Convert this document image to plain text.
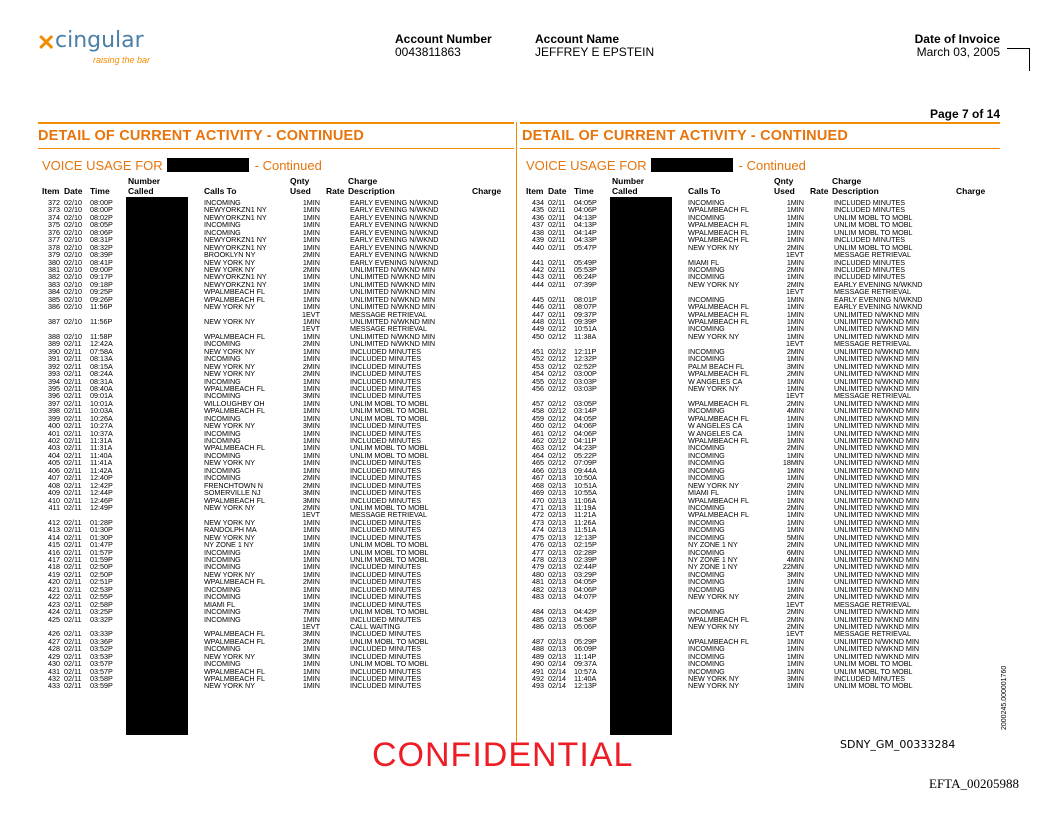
✕ cingular
raising the bar
Account Number
0043811863
Account Name
JEFFREY E EPSTEIN
Date of Invoice
March 03, 2005
Page 7 of 14
DETAIL OF CURRENT ACTIVITY - CONTINUED	DETAIL OF CURRENT ACTIVITY - CONTINUED
VOICE USAGE FOR	- Continued	VOICE USAGE FOR	- Continued
Number	Qnty	Charge
Item Date Time Called	Calls To	Used Rate Description	Charge
Number	Qnty	Charge
Item Date Time Called	Calls To	Used Rate Description	Charge
372 02/10	08:00P	INCOMING	1MIN	EARLY EVENING N/WKND
373 02/10	08:00P	NEWYORKZN1 NY	1MIN	EARLY EVENING N/WKND
374 02/10	08:02P	NEWYORKZN1 NY	1MIN	EARLY EVENING N/WKND
375 02/10	08:05P	INCOMING	1MIN	EARLY EVENING N/WKND
376 02/10	08:06P	INCOMING	1MIN	EARLY EVENING N/WKND
377 02/10	08:31P	NEWYORKZN1 NY	1MIN	EARLY EVENING N/WKND
378 02/10	08:32P	NEWYORKZN1 NY	1MIN	EARLY EVENING N/WKND
379 02/10	08:39P	BROOKLYN NY	2MIN	EARLY EVENING N/WKND
380 02/10	08:41P	NEW YORK NY	1MIN	EARLY EVENING N/WKND
381 02/10	09:00P	NEW YORK NY	2MIN	UNLIMITED N/WKND MIN
382 02/10	09:17P	NEWYORKZN1 NY	1MIN	UNLIMITED N/WKND MIN
383 02/10	09:18P	NEWYORKZN1 NY	1MIN	UNLIMITED N/WKND MIN
384 02/10	09:25P	WPALMBEACH FL	1MIN	UNLIMITED N/WKND MIN
385 02/10	09:26P	WPALMBEACH FL	1MIN	UNLIMITED N/WKND MIN
386 02/10	11:56P	NEW YORK NY	1MIN	UNLIMITED N/WKND MIN
1EVT	MESSAGE RETRIEVAL
387 02/10	11:56P	NEW YORK NY	1MIN	UNLIMITED N/WKND MIN
1EVT	MESSAGE RETRIEVAL
388 02/10	11:58P	WPALMBEACH FL	1MIN	UNLIMITED N/WKND MIN
389 02/11	12:42A	INCOMING	2MIN	UNLIMITED N/WKND MIN
390 02/11	07:58A	NEW YORK NY	1MIN	INCLUDED MINUTES
391 02/11	08:13A	INCOMING	1MIN	INCLUDED MINUTES
392 02/11	08:15A	NEW YORK NY	2MIN	INCLUDED MINUTES
393 02/11	08:24A	NEW YORK NY	2MIN	INCLUDED MINUTES
394 02/11	08:31A	INCOMING	1MIN	INCLUDED MINUTES
395 02/11	08:40A	WPALMBEACH FL	1MIN	INCLUDED MINUTES
396 02/11	09:01A	INCOMING	3MIN	INCLUDED MINUTES
397 02/11	10:01A	WILLOUGHBY OH	1MIN	UNLIM MOBL TO MOBL
398 02/11	10:03A	WPALMBEACH FL	1MIN	UNLIM MOBL TO MOBL
399 02/11	10:26A	INCOMING	1MIN	UNLIM MOBL TO MOBL
400 02/11	10:27A	NEW YORK NY	3MIN	INCLUDED MINUTES
401 02/11	10:37A	INCOMING	1MIN	INCLUDED MINUTES
402 02/11	11:31A	INCOMING	1MIN	INCLUDED MINUTES
403 02/11	11:31A	WPALMBEACH FL	1MIN	UNLIM MOBL TO MOBL
404 02/11	11:40A	INCOMING	1MIN	UNLIM MOBL TO MOBL
405 02/11	11:41A	NEW YORK NY	1MIN	INCLUDED MINUTES
406 02/11	11:42A	INCOMING	1MIN	INCLUDED MINUTES
407 02/11	12:40P	INCOMING	2MIN	INCLUDED MINUTES
408 02/11	12:42P	FRENCHTOWN N	2MIN	INCLUDED MINUTES
409 02/11	12:44P	SOMERVILLE NJ	3MIN	INCLUDED MINUTES
410 02/11	12:46P	WPALMBEACH FL	3MIN	INCLUDED MINUTES
411 02/11	12:49P	NEW YORK NY	2MIN	UNLIM MOBL TO MOBL
1EVT	MESSAGE RETRIEVAL
412 02/11	01:28P	NEW YORK NY	1MIN	INCLUDED MINUTES
413 02/11	01:30P	RANDOLPH MA	1MIN	INCLUDED MINUTES
414 02/11	01:30P	NEW YORK NY	1MIN	INCLUDED MINUTES
415 02/11	01:47P	NY ZONE 1 NY	1MIN	UNLIM MOBL TO MOBL
416 02/11	01:57P	INCOMING	1MIN	UNLIM MOBL TO MOBL
417 02/11	01:59P	INCOMING	1MIN	UNLIM MOBL TO MOBL
418 02/11	02:50P	INCOMING	1MIN	INCLUDED MINUTES
419 02/11	02:50P	NEW YORK NY	1MIN	INCLUDED MINUTES
420 02/11	02:51P	WPALMBEACH FL	2MIN	INCLUDED MINUTES
421 02/11	02:53P	INCOMING	1MIN	INCLUDED MINUTES
422 02/11	02:55P	INCOMING	1MIN	INCLUDED MINUTES
423 02/11	02:58P	MIAMI FL	1MIN	INCLUDED MINUTES
424 02/11	03:25P	INCOMING	7MIN	UNLIM MOBL TO MOBL
425 02/11	03:32P	INCOMING	1MIN	INCLUDED MINUTES
1EVT	CALL WAITING
426 02/11	03:33P	WPALMBEACH FL	3MIN	INCLUDED MINUTES
427 02/11	03:36P	WPALMBEACH FL	2MIN	UNLIM MOBL TO MOBL
428 02/11	03:52P	INCOMING	1MIN	INCLUDED MINUTES
429 02/11	03:53P	NEW YORK NY	3MIN	INCLUDED MINUTES
430 02/11	03:57P	INCOMING	1MIN	UNLIM MOBL TO MOBL
431 02/11	03:57P	WPALMBEACH FL	1MIN	INCLUDED MINUTES
432 02/11	03:58P	WPALMBEACH FL	1MIN	INCLUDED MINUTES
433 02/11	03:59P	NEW YORK NY	1MIN	INCLUDED MINUTES
434 02/11	04:05P	INCOMING	1MIN	INCLUDED MINUTES
435 02/11	04:06P	WPALMBEACH FL	1MIN	INCLUDED MINUTES
436 02/11	04:13P	INCOMING	1MIN	UNLIM MOBL TO MOBL
437 02/11	04:13P	WPALMBEACH FL	1MIN	UNLIM MOBL TO MOBL
438 02/11	04:14P	WPALMBEACH FL	1MIN	UNLIM MOBL TO MOBL
439 02/11	04:33P	WPALMBEACH FL	1MIN	INCLUDED MINUTES
440 02/11	05:47P	NEW YORK NY	2MIN	UNLIM MOBL TO MOBL
1EVT	MESSAGE RETRIEVAL
441 02/11	05:49P	MIAMI FL	1MIN	INCLUDED MINUTES
442 02/11	05:53P	INCOMING	2MIN	INCLUDED MINUTES
443 02/11	06:24P	INCOMING	1MIN	INCLUDED MINUTES
444 02/11	07:39P	NEW YORK NY	2MIN	EARLY EVENING N/WKND
1EVT	MESSAGE RETRIEVAL
445 02/11	08:01P	INCOMING	1MIN	EARLY EVENING N/WKND
446 02/11	08:07P	WPALMBEACH FL	1MIN	EARLY EVENING N/WKND
447 02/11	09:37P	WPALMBEACH FL	1MIN	UNLIMITED N/WKND MIN
448 02/11	09:39P	WPALMBEACH FL	1MIN	UNLIMITED N/WKND MIN
449 02/12	10:51A	INCOMING	1MIN	UNLIMITED N/WKND MIN
450 02/12	11:38A	NEW YORK NY	1MIN	UNLIMITED N/WKND MIN
1EVT	MESSAGE RETRIEVAL
451 02/12	12:11P	INCOMING	2MIN	UNLIMITED N/WKND MIN
452 02/12	12:32P	INCOMING	1MIN	UNLIMITED N/WKND MIN
453 02/12	02:52P	PALM BEACH FL	3MIN	UNLIMITED N/WKND MIN
454 02/12	03:00P	WPALMBEACH FL	2MIN	UNLIMITED N/WKND MIN
455 02/12	03:03P	W ANGELES CA	1MIN	UNLIMITED N/WKND MIN
456 02/12	03:03P	NEW YORK NY	1MIN	UNLIMITED N/WKND MIN
1EVT	MESSAGE RETRIEVAL
457 02/12	03:05P	WPALMBEACH FL	2MIN	UNLIMITED N/WKND MIN
458 02/12	03:14P	INCOMING	4MIN	UNLIMITED N/WKND MIN
459 02/12	04:05P	WPALMBEACH FL	1MIN	UNLIMITED N/WKND MIN
460 02/12	04:06P	W ANGELES CA	1MIN	UNLIMITED N/WKND MIN
461 02/12	04:06P	W ANGELES CA	1MIN	UNLIMITED N/WKND MIN
462 02/12	04:11P	WPALMBEACH FL	1MIN	UNLIMITED N/WKND MIN
463 02/12	04:23P	INCOMING	2MIN	UNLIMITED N/WKND MIN
464 02/12	05:22P	INCOMING	1MIN	UNLIMITED N/WKND MIN
465 02/12	07:09P	INCOMING	18MIN	UNLIMITED N/WKND MIN
466 02/13	09:44A	INCOMING	1MIN	UNLIMITED N/WKND MIN
467 02/13	10:50A	INCOMING	1MIN	UNLIMITED N/WKND MIN
468 02/13	10:51A	NEW YORK NY	2MIN	UNLIMITED N/WKND MIN
469 02/13	10:55A	MIAMI FL	1MIN	UNLIMITED N/WKND MIN
470 02/13	11:06A	WPALMBEACH FL	1MIN	UNLIMITED N/WKND MIN
471 02/13	11:19A	INCOMING	2MIN	UNLIMITED N/WKND MIN
472 02/13	11:21A	WPALMBEACH FL	1MIN	UNLIMITED N/WKND MIN
473 02/13	11:26A	INCOMING	1MIN	UNLIMITED N/WKND MIN
474 02/13	11:51A	INCOMING	1MIN	UNLIMITED N/WKND MIN
475 02/13	12:13P	INCOMING	5MIN	UNLIMITED N/WKND MIN
476 02/13	02:15P	NY ZONE 1 NY	2MIN	UNLIMITED N/WKND MIN
477 02/13	02:28P	INCOMING	6MIN	UNLIMITED N/WKND MIN
478 02/13	02:39P	NY ZONE 1 NY	4MIN	UNLIMITED N/WKND MIN
479 02/13	02:44P	NY ZONE 1 NY	22MIN	UNLIMITED N/WKND MIN
480 02/13	03:29P	INCOMING	3MIN	UNLIMITED N/WKND MIN
481 02/13	04:05P	INCOMING	1MIN	UNLIMITED N/WKND MIN
482 02/13	04:06P	INCOMING	1MIN	UNLIMITED N/WKND MIN
483 02/13	04:07P	NEW YORK NY	2MIN	UNLIMITED N/WKND MIN
1EVT	MESSAGE RETRIEVAL
484 02/13	04:42P	INCOMING	2MIN	UNLIMITED N/WKND MIN
485 02/13	04:58P	WPALMBEACH FL	2MIN	UNLIMITED N/WKND MIN
486 02/13	05:06P	NEW YORK NY	2MIN	UNLIMITED N/WKND MIN
1EVT	MESSAGE RETRIEVAL
487 02/13	05:29P	WPALMBEACH FL	1MIN	UNLIMITED N/WKND MIN
488 02/13	06:09P	INCOMING	1MIN	UNLIMITED N/WKND MIN
489 02/13	11:14P	INCOMING	1MIN	UNLIMITED N/WKND MIN
490 02/14	09:37A	INCOMING	1MIN	UNLIM MOBL TO MOBL
491 02/14	10:57A	INCOMING	1MIN	UNLIM MOBL TO MOBL
492 02/14	11:40A	NEW YORK NY	3MIN	INCLUDED MINUTES
493 02/14	12:13P	NEW YORK NY	1MIN	UNLIM MOBL TO MOBL
CONFIDENTIAL	SDNY_GM_00333284
EFTA_00205988
2000245.000001760
